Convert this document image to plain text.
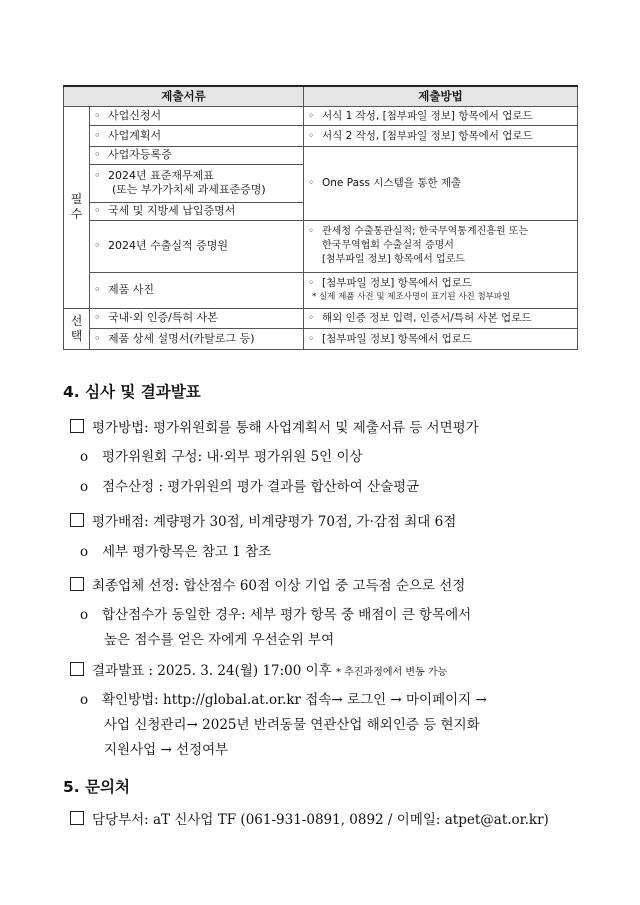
제출서류		제출방법

필
수	◦ 사업신청서	◦ 서식 1 작성, [첨부파일 정보] 항목에서 업로드
	◦ 사업계획서	◦ 서식 2 작성, [첨부파일 정보] 항목에서 업로드
	◦ 사업자등록증	◦ One Pass 시스템을 통한 제출
	◦ 2024년 표준재무제표
(또는 부가가치세 과세표준증명)	

	◦ 국세 및 지방세 납입증명서	
	◦ 2024년 수출실적 증명원	◦ 관세청 수출통관실적; 한국무역통계진흥원 또는
한국무역협회 수출실적 증명서
[첨부파일 정보] 항목에서 업로드

	◦ 제품 사진	◦ [첨부파일 정보] 항목에서 업로드
* 실제 제품 사진 및 제조사명이 표기된 사진 첨부파일

선
택	◦ 국내·외 인증/특허 사본	◦ 해외 인증 정보 입력, 인증서/특허 사본 업로드
	◦ 제품 상세 설명서(카탈로그 등)	◦ [첨부파일 정보] 항목에서 업로드
4. 심사 및 결과발표
평가방법: 평가위원회를 통해 사업계획서 및 제출서류 등 서면평가
ο 평가위원회 구성: 내·외부 평가위원 5인 이상
ο 점수산정 : 평가위원의 평가 결과를 합산하여 산술평균
평가배점: 계량평가 30점, 비계량평가 70점, 가·감점 최대 6점
ο 세부 평가항목은 참고 1 참조
최종업체 선정: 합산점수 60점 이상 기업 중 고득점 순으로 선정
ο 합산점수가 동일한 경우: 세부 평가 항목 중 배점이 큰 항목에서
높은 점수를 얻은 자에게 우선순위 부여
결과발표 : 2025. 3. 24(월) 17:00 이후 * 추진과정에서 변동 가능
ο 확인방법: http://global.at.or.kr 접속→ 로그인 → 마이페이지 →
사업 신청관리→ 2025년 반려동물 연관산업 해외인증 등 현지화
지원사업 → 선정여부
5. 문의처
담당부서: aT 신사업 TF (061-931-0891, 0892 / 이메일: atpet@at.or.kr)
